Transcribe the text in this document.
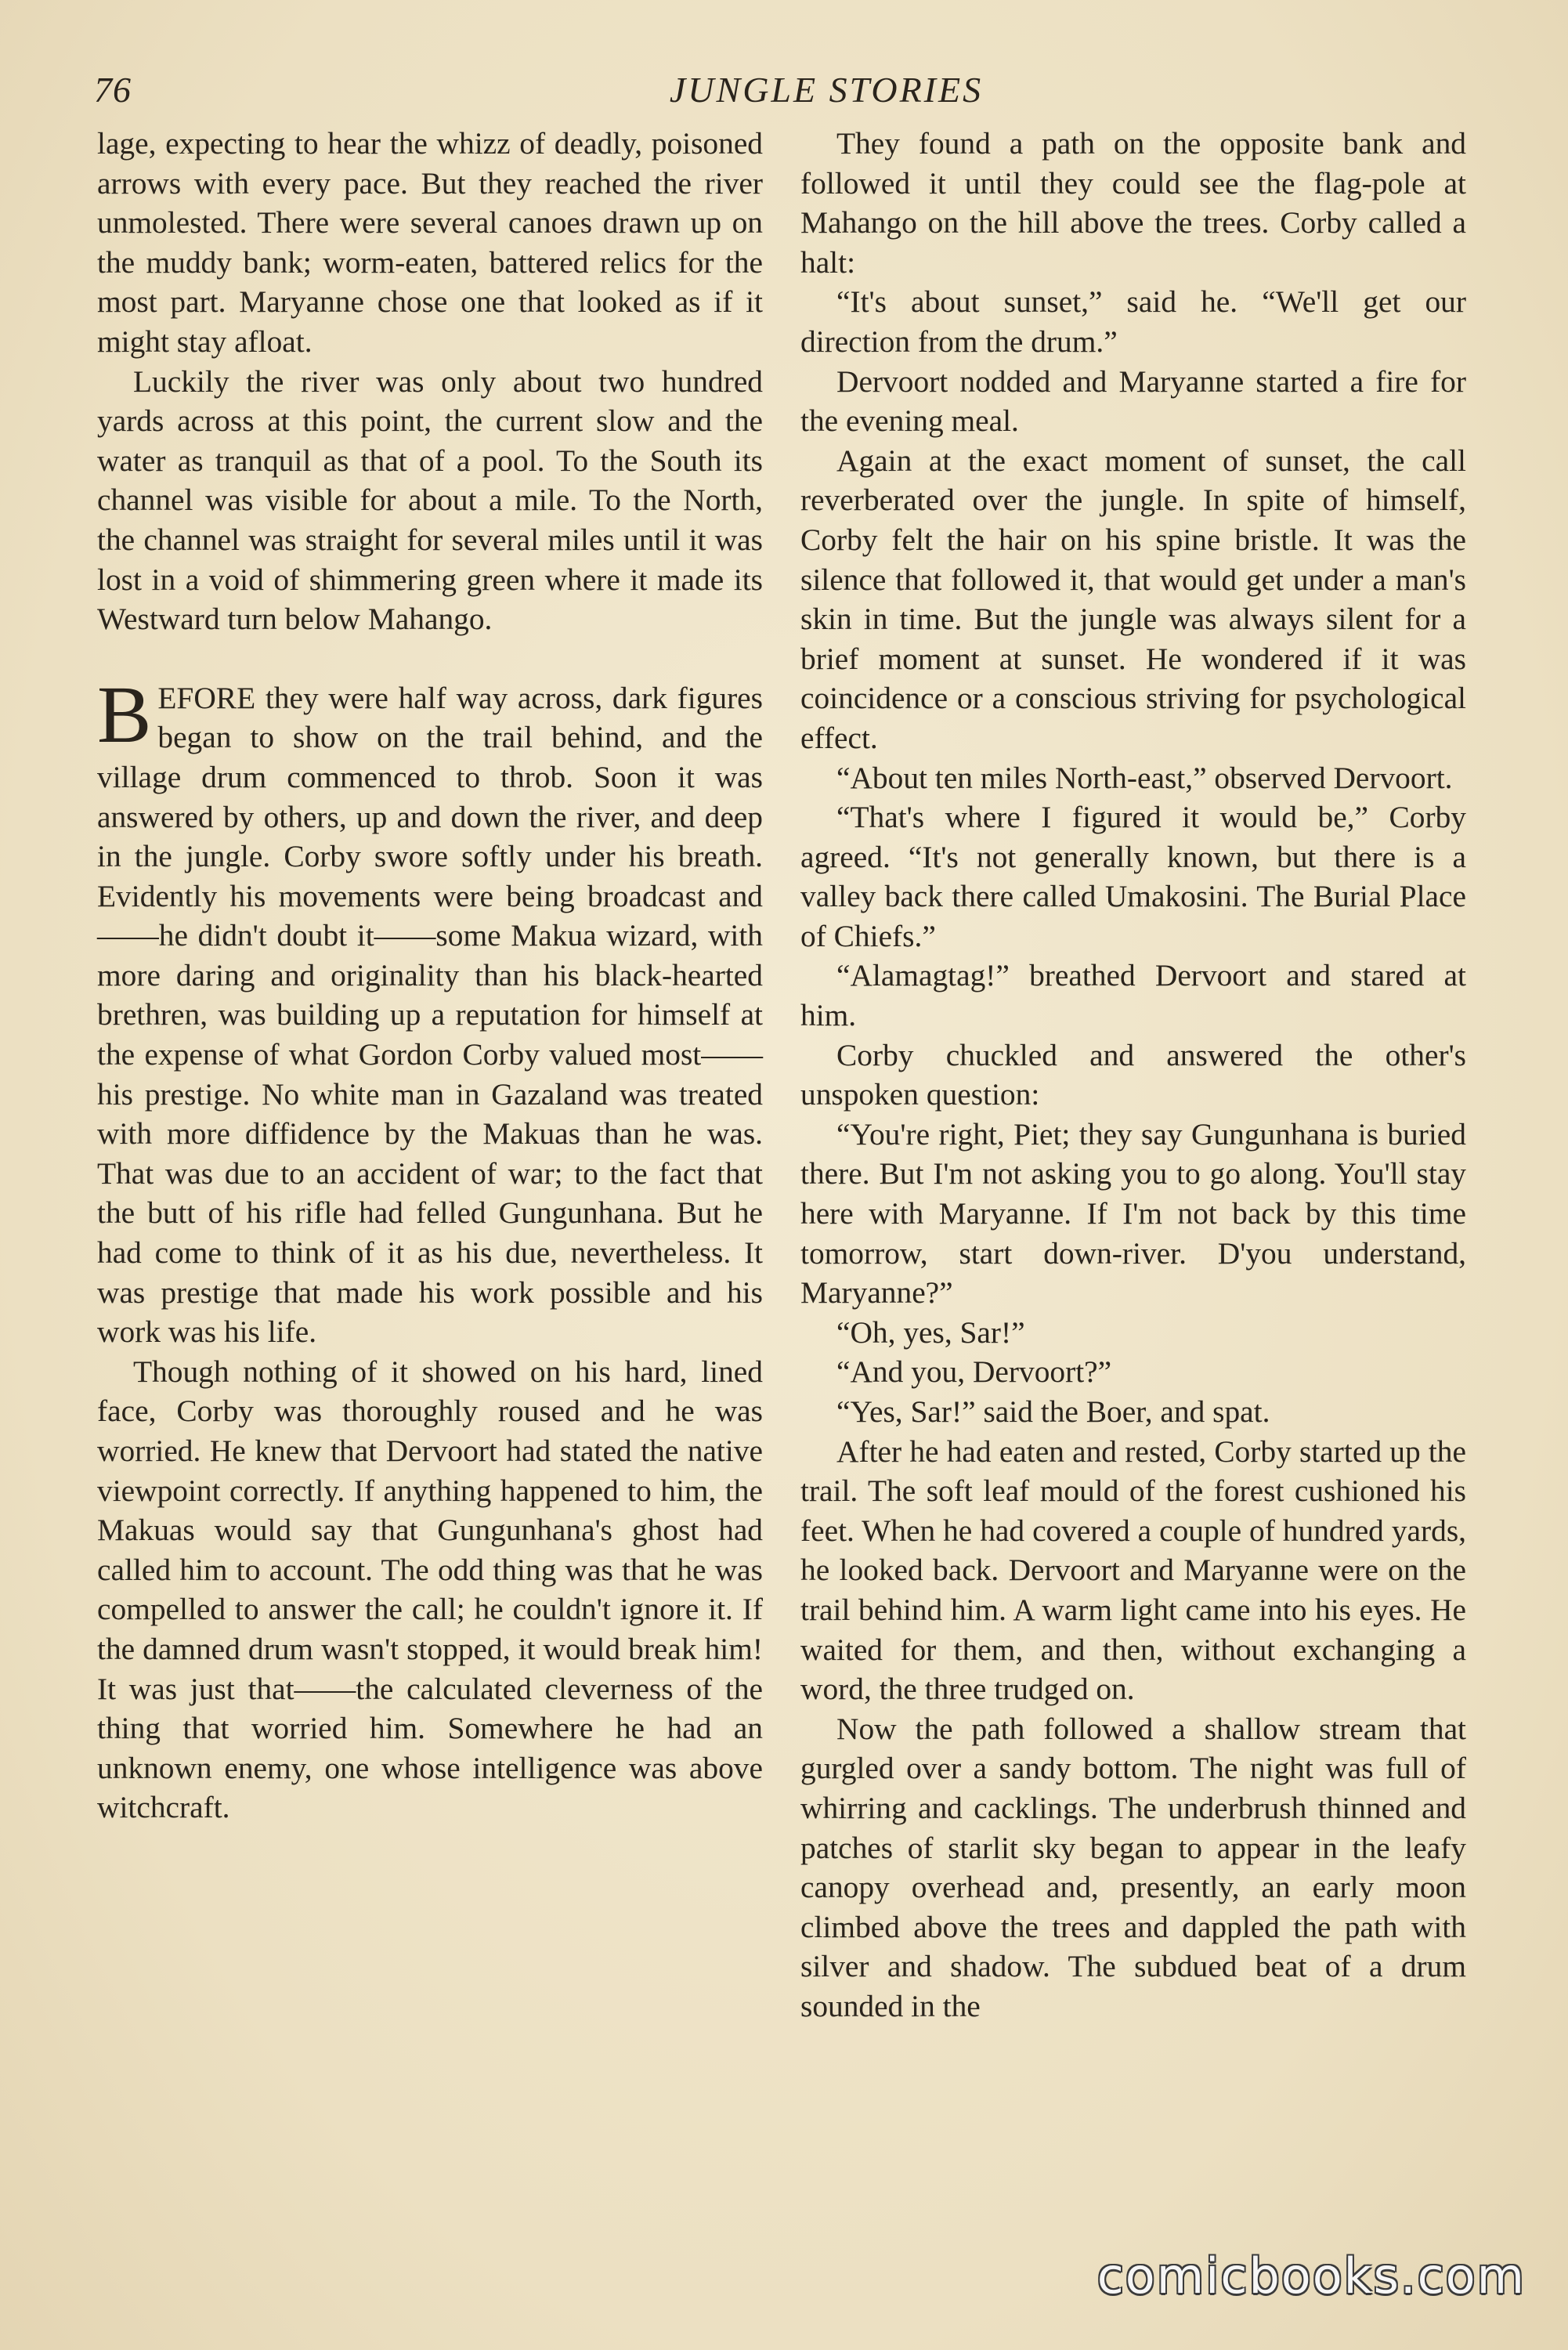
76	JUNGLE STORIES

lage, expecting to hear the whizz of deadly, poisoned arrows with every pace. But they reached the river unmolested. There were several canoes drawn up on the muddy bank; worm-eaten, battered relics for the most part. Maryanne chose one that looked as if it might stay afloat.

Luckily the river was only about two hundred yards across at this point, the current slow and the water as tranquil as that of a pool. To the South its channel was visible for about a mile. To the North, the channel was straight for several miles until it was lost in a void of shimmering green where it made its Westward turn below Mahango.

BEFORE they were half way across, dark figures began to show on the trail behind, and the village drum commenced to throb. Soon it was answered by others, up and down the river, and deep in the jungle. Corby swore softly under his breath. Evidently his movements were being broadcast and——he didn't doubt it——some Makua wizard, with more daring and originality than his black-hearted brethren, was building up a reputation for himself at the expense of what Gordon Corby valued most——his prestige. No white man in Gazaland was treated with more diffidence by the Makuas than he was. That was due to an accident of war; to the fact that the butt of his rifle had felled Gungunhana. But he had come to think of it as his due, nevertheless. It was prestige that made his work possible and his work was his life.

Though nothing of it showed on his hard, lined face, Corby was thoroughly roused and he was worried. He knew that Dervoort had stated the native viewpoint correctly. If anything happened to him, the Makuas would say that Gungunhana's ghost had called him to account. The odd thing was that he was compelled to answer the call; he couldn't ignore it. If the damned drum wasn't stopped, it would break him! It was just that——the calculated cleverness of the thing that worried him. Somewhere he had an unknown enemy, one whose intelligence was above witchcraft.

They found a path on the opposite bank and followed it until they could see the flag-pole at Mahango on the hill above the trees. Corby called a halt:

“It's about sunset,” said he. “We'll get our direction from the drum.”

Dervoort nodded and Maryanne started a fire for the evening meal.

Again at the exact moment of sunset, the call reverberated over the jungle. In spite of himself, Corby felt the hair on his spine bristle. It was the silence that followed it, that would get under a man's skin in time. But the jungle was always silent for a brief moment at sunset. He wondered if it was coincidence or a conscious striving for psychological effect.

“About ten miles North-east,” observed Dervoort.

“That's where I figured it would be,” Corby agreed. “It's not generally known, but there is a valley back there called Umakosini. The Burial Place of Chiefs.”

“Alamagtag!” breathed Dervoort and stared at him.

Corby chuckled and answered the other's unspoken question:

“You're right, Piet; they say Gungunhana is buried there. But I'm not asking you to go along. You'll stay here with Maryanne. If I'm not back by this time tomorrow, start down-river. D'you understand, Maryanne?”

“Oh, yes, Sar!”

“And you, Dervoort?”

“Yes, Sar!” said the Boer, and spat.

After he had eaten and rested, Corby started up the trail. The soft leaf mould of the forest cushioned his feet. When he had covered a couple of hundred yards, he looked back. Dervoort and Maryanne were on the trail behind him. A warm light came into his eyes. He waited for them, and then, without exchanging a word, the three trudged on.

Now the path followed a shallow stream that gurgled over a sandy bottom. The night was full of whirring and cacklings. The underbrush thinned and patches of starlit sky began to appear in the leafy canopy overhead and, presently, an early moon climbed above the trees and dappled the path with silver and shadow. The subdued beat of a drum sounded in the

comicbooks.com
